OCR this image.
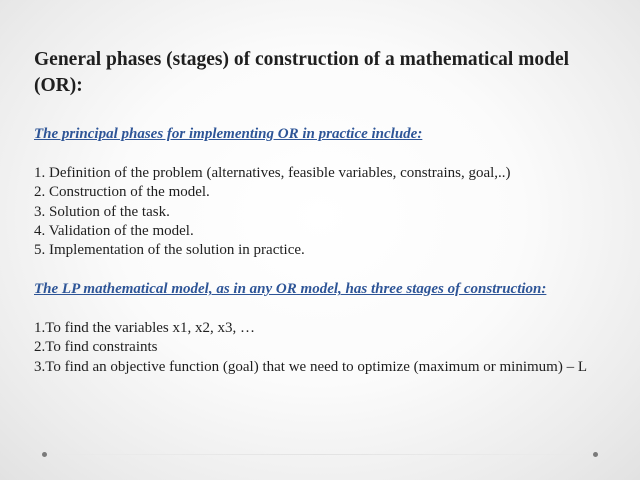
General phases (stages) of construction of a mathematical model (OR):
The principal phases for implementing OR in practice include:
1. Definition of the problem (alternatives, feasible variables, constrains, goal,..)
2. Construction of the model.
3. Solution of the task.
4. Validation of the model.
5. Implementation of the solution in practice.
The LP mathematical model, as in any OR model, has three stages of construction:
1.To find the variables x1, x2, x3, …
2.To find constraints
3.To find an objective function (goal) that we need to optimize (maximum or minimum) – L
